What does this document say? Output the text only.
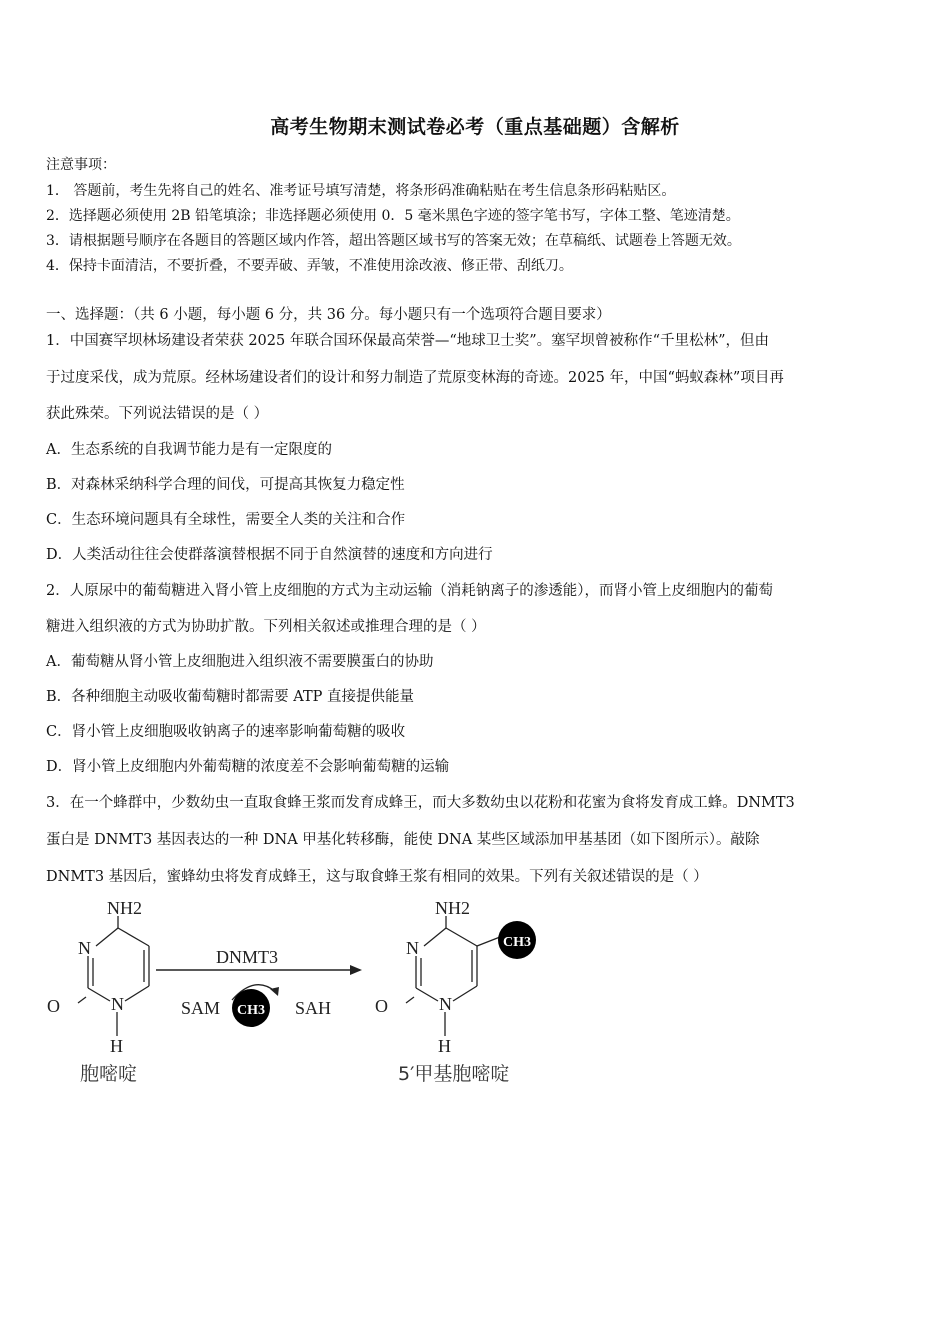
高考生物期末测试卷必考（重点基础题）含解析
注意事项：
1． 答题前，考生先将自己的姓名、准考证号填写清楚，将条形码准确粘贴在考生信息条形码粘贴区。
2．选择题必须使用 2B 铅笔填涂；非选择题必须使用 0．5 毫米黑色字迹的签字笔书写，字体工整、笔迹清楚。
3．请根据题号顺序在各题目的答题区域内作答，超出答题区域书写的答案无效；在草稿纸、试题卷上答题无效。
4．保持卡面清洁，不要折叠，不要弄破、弄皱，不准使用涂改液、修正带、刮纸刀。
一、选择题：（共 6 小题，每小题 6 分，共 36 分。每小题只有一个选项符合题目要求）
1．中国赛罕坝林场建设者荣获 2025 年联合国环保最高荣誉—“地球卫士奖”。塞罕坝曾被称作“千里松林”，但由
于过度采伐，成为荒原。经林场建设者们的设计和努力制造了荒原变林海的奇迹。2025 年，中国“蚂蚁森林”项目再
获此殊荣。下列说法错误的是（ ）
A．生态系统的自我调节能力是有一定限度的
B．对森林采纳科学合理的间伐，可提高其恢复力稳定性
C．生态环境问题具有全球性，需要全人类的关注和合作
D．人类活动往往会使群落演替根据不同于自然演替的速度和方向进行
2．人原尿中的葡萄糖进入肾小管上皮细胞的方式为主动运输（消耗钠离子的渗透能），而肾小管上皮细胞内的葡萄
糖进入组织液的方式为协助扩散。下列相关叙述或推理合理的是（ ）
A．葡萄糖从肾小管上皮细胞进入组织液不需要膜蛋白的协助
B．各种细胞主动吸收葡萄糖时都需要 ATP 直接提供能量
C．肾小管上皮细胞吸收钠离子的速率影响葡萄糖的吸收
D．肾小管上皮细胞内外葡萄糖的浓度差不会影响葡萄糖的运输
3．在一个蜂群中，少数幼虫一直取食蜂王浆而发育成蜂王，而大多数幼虫以花粉和花蜜为食将发育成工蜂。DNMT3
蛋白是 DNMT3 基因表达的一种 DNA 甲基化转移酶，能使 DNA 某些区域添加甲基基团（如下图所示）。敲除
DNMT3 基因后，蜜蜂幼虫将发育成蜂王，这与取食蜂王浆有相同的效果。下列有关叙述错误的是（ ）
NH2
N
O	N
H
胞嘧啶
DNMT3
SAM CH3 SAH
CH3
NH2
N
O	N
H
5′甲基胞嘧啶
